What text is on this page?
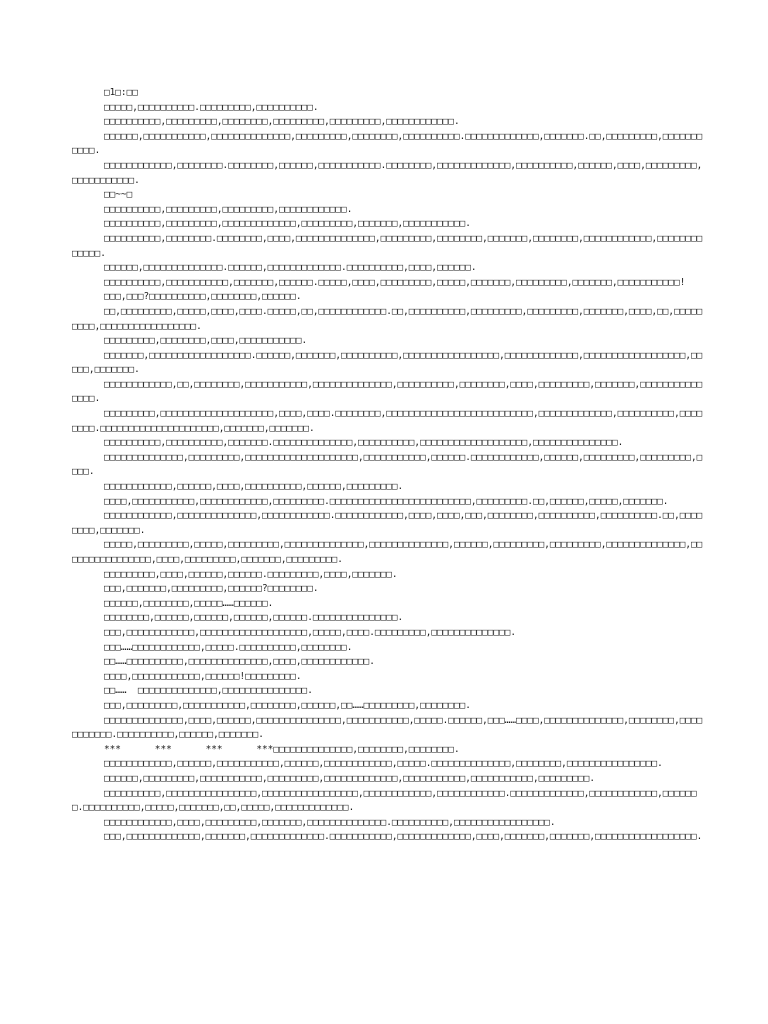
□1□:□□

□□□□□,□□□□□□□□□□.□□□□□□□□□,□□□□□□□□□□.

□□□□□□□□□□,□□□□□□□□□,□□□□□□□□,□□□□□□□□□,□□□□□□□□□,□□□□□□□□□□□□.

□□□□□□,□□□□□□□□□□□,□□□□□□□□□□□□□□,□□□□□□□□□,□□□□□□□□,□□□□□□□□□□.□□□□□□□□□□□□□,□□□□□□□.□□,□□□□□□□□□,□□□□□□□□□□□.

□□□□□□□□□□□□,□□□□□□□□.□□□□□□□□,□□□□□□,□□□□□□□□□□□.□□□□□□□□,□□□□□□□□□□□□□,□□□□□□□□□□,□□□□□□,□□□□,□□□□□□□□□,□□□□□□□□□□□.

□□~~□

□□□□□□□□□□,□□□□□□□□□,□□□□□□□□□,□□□□□□□□□□□□.

□□□□□□□□□□,□□□□□□□□□,□□□□□□□□□□□□□,□□□□□□□□□,□□□□□□□,□□□□□□□□□□□.

□□□□□□□□□□,□□□□□□□□.□□□□□□□□,□□□□,□□□□□□□□□□□□□□,□□□□□□□□□,□□□□□□□□,□□□□□□□,□□□□□□□□,□□□□□□□□□□□□,□□□□□□□□□□□□□.

□□□□□□,□□□□□□□□□□□□□□.□□□□□□,□□□□□□□□□□□□□.□□□□□□□□□□,□□□□,□□□□□□.

□□□□□□□□□□,□□□□□□□□□□□,□□□□□□□,□□□□□□.□□□□□,□□□□,□□□□□□□□□,□□□□□,□□□□□□□,□□□□□□□□□,□□□□□□□,□□□□□□□□□□□!

□□□,□□□?□□□□□□□□□□,□□□□□□□□,□□□□□□.

□□,□□□□□□□□□,□□□□□,□□□□,□□□□.□□□□□,□□,□□□□□□□□□□□□.□□,□□□□□□□□□□,□□□□□□□□□,□□□□□□□□□,□□□□□□□,□□□□,□□,□□□□□□□□□,□□□□□□□□□□□□□□□□□.

□□□□□□□□□,□□□□□□□□,□□□□,□□□□□□□□□□□.

□□□□□□□,□□□□□□□□□□□□□□□□□□.□□□□□□,□□□□□□□,□□□□□□□□□□,□□□□□□□□□□□□□□□□□,□□□□□□□□□□□□□,□□□□□□□□□□□□□□□□□□,□□□□□,□□□□□□□.

□□□□□□□□□□□□,□□,□□□□□□□□,□□□□□□□□□□□,□□□□□□□□□□□□□□,□□□□□□□□□□,□□□□□□□□,□□□□,□□□□□□□□□,□□□□□□□,□□□□□□□□□□□□□□□.

□□□□□□□□□,□□□□□□□□□□□□□□□□□□□□,□□□□,□□□□.□□□□□□□□,□□□□□□□□□□□□□□□□□□□□□□□□□□,□□□□□□□□□□□□□,□□□□□□□□□□,□□□□□□□□.□□□□□□□□□□□□□□□□□□□□□,□□□□□□□,□□□□□□□.

□□□□□□□□□□,□□□□□□□□□□,□□□□□□□.□□□□□□□□□□□□□□,□□□□□□□□□□,□□□□□□□□□□□□□□□□□□□,□□□□□□□□□□□□□□□.

□□□□□□□□□□□□□□,□□□□□□□□□,□□□□□□□□□□□□□□□□□□□□,□□□□□□□□□□□,□□□□□□.□□□□□□□□□□□□,□□□□□□,□□□□□□□□□,□□□□□□□□□,□□□□.

□□□□□□□□□□□□,□□□□□□,□□□□,□□□□□□□□□□,□□□□□□,□□□□□□□□□.

□□□□,□□□□□□□□□□□,□□□□□□□□□□□□,□□□□□□□□□.□□□□□□□□□□□□□□□□□□□□□□□□□,□□□□□□□□□.□□,□□□□□□,□□□□□,□□□□□□□.

□□□□□□□□□□□□,□□□□□□□□□□□□□□,□□□□□□□□□□□□.□□□□□□□□□□□□,□□□□,□□□□,□□□,□□□□□□□□,□□□□□□□□□□,□□□□□□□□□□.□□,□□□□□□□□,□□□□□□□.

□□□□□,□□□□□□□□□,□□□□□,□□□□□□□□□,□□□□□□□□□□□□□□,□□□□□□□□□□□□□□,□□□□□□,□□□□□□□□□,□□□□□□□□□,□□□□□□□□□□□□□□,□□□□□□□□□□□□□□□□,□□□□,□□□□□□□□□,□□□□□□□,□□□□□□□□□.

□□□□□□□□□,□□□□,□□□□□□,□□□□□□.□□□□□□□□□,□□□□,□□□□□□□.

□□□,□□□□□□□,□□□□□□□□□,□□□□□□?□□□□□□□□.

□□□□□□,□□□□□□□□,□□□□□……□□□□□□.

□□□□□□□□,□□□□□□,□□□□□□,□□□□□□,□□□□□□.□□□□□□□□□□□□□□□.

□□□,□□□□□□□□□□□□,□□□□□□□□□□□□□□□□□□□,□□□□□,□□□□.□□□□□□□□□,□□□□□□□□□□□□□□.

□□□……□□□□□□□□□□□□,□□□□□.□□□□□□□□□□,□□□□□□□□.

□□……□□□□□□□□□□,□□□□□□□□□□□□□□,□□□□,□□□□□□□□□□□□.

□□□□,□□□□□□□□□□□□,□□□□□□!□□□□□□□□□.

□□……  □□□□□□□□□□□□□□,□□□□□□□□□□□□□□□.

□□□,□□□□□□□□□,□□□□□□□□□□□,□□□□□□□□,□□□□□□,□□……□□□□□□□□□,□□□□□□□□.

□□□□□□□□□□□□□□,□□□□,□□□□□□,□□□□□□□□□□□□□□□,□□□□□□□□□□□,□□□□□.□□□□□□,□□□……□□□□,□□□□□□□□□□□□□□,□□□□□□□□,□□□□□□□□□□□.□□□□□□□□□□,□□□□□□,□□□□□□□.

***      ***      ***      ***□□□□□□□□□□□□□□,□□□□□□□□,□□□□□□□□.

□□□□□□□□□□□□,□□□□□□,□□□□□□□□□□□,□□□□□□,□□□□□□□□□□□□,□□□□□.□□□□□□□□□□□□□□,□□□□□□□□,□□□□□□□□□□□□□□□□.

□□□□□□,□□□□□□□□□,□□□□□□□□□□□,□□□□□□□□□,□□□□□□□□□□□□□,□□□□□□□□□□□,□□□□□□□□□□□,□□□□□□□□□.

□□□□□□□□□□,□□□□□□□□□□□□□□□□,□□□□□□□□□□□□□□□□□,□□□□□□□□□□□□,□□□□□□□□□□□□.□□□□□□□□□□□□□,□□□□□□□□□□□□,□□□□□□□.□□□□□□□□□□,□□□□□,□□□□□□□,□□,□□□□□,□□□□□□□□□□□□□.

□□□□□□□□□□□□,□□□□,□□□□□□□□□,□□□□□□□,□□□□□□□□□□□□□□.□□□□□□□□□□,□□□□□□□□□□□□□□□□□.

□□□,□□□□□□□□□□□□□,□□□□□□□,□□□□□□□□□□□□□.□□□□□□□□□□□,□□□□□□□□□□□□□,□□□□,□□□□□□□,□□□□□□□,□□□□□□□□□□□□□□□□□□.
